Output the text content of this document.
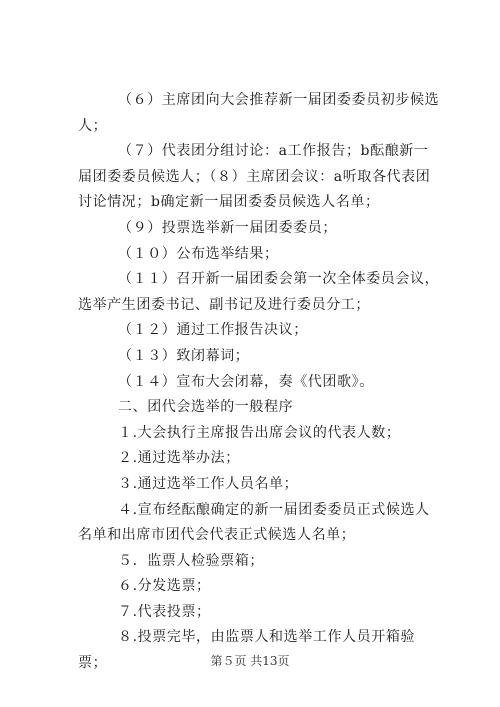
（６）主席团向大会推荐新一届团委委员初步候选人；

（７）代表团分组讨论：a工作报告；b酝酿新一届团委委员候选人；（８）主席团会议：a听取各代表团讨论情况；b确定新一届团委委员候选人名单；

（９）投票选举新一届团委委员；

（１０）公布选举结果；

（１１）召开新一届团委会第一次全体委员会议，选举产生团委书记、副书记及进行委员分工；

（１２）通过工作报告决议；

（１３）致闭幕词；

（１４）宣布大会闭幕，奏《代团歌》。

二、团代会选举的一般程序

１.大会执行主席报告出席会议的代表人数；

２.通过选举办法；

３.通过选举工作人员名单；

４.宣布经酝酿确定的新一届团委委员正式候选人名单和出席市团代会代表正式候选人名单；

５．监票人检验票箱；

６.分发选票；

７.代表投票；

８.投票完毕，由监票人和选举工作人员开箱验票；	第５页 共13页
